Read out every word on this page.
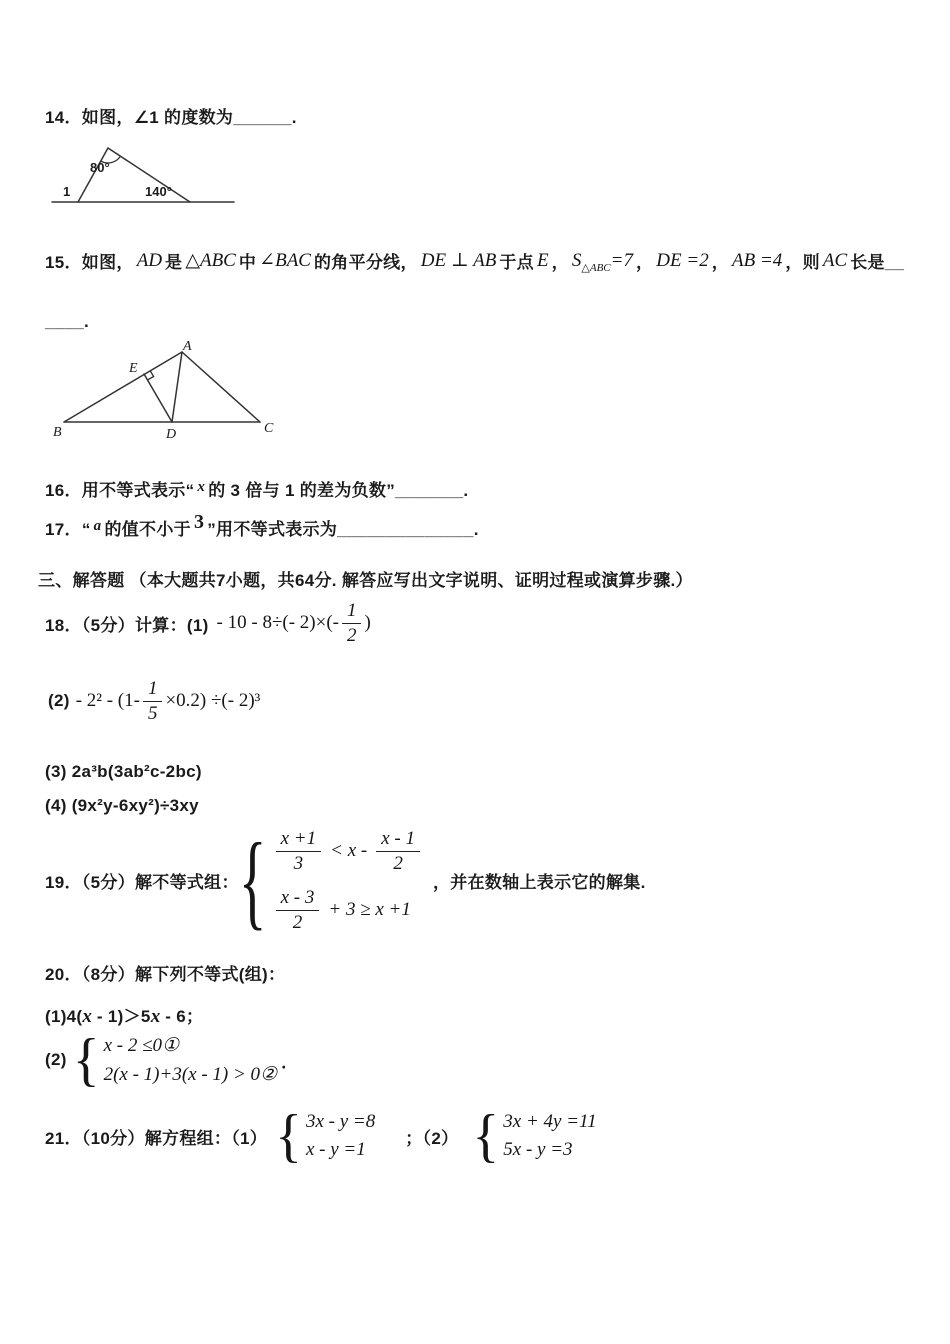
14．如图，∠1 的度数为______.

80°
140°
1

15．如图， AD 是 △ABC 中 ∠BAC 的角平分线， DE ⊥ AB 于点 E ， $S_{\triangle ABC}=7$ ， DE =2 ， AB =4 ，则 AC 长是__

____.

A
E
B	D	C

16．用不等式表示“ x 的 3 倍与 1 的差为负数”_______.

17．“ a 的值不小于 3 ”用不等式表示为______________.

三、解答题 （本大题共7小题，共64分. 解答应写出文字说明、证明过程或演算步骤.）

18．（5分）计算：(1) - 10 - 8÷(- $2)\times(- \frac{1}{2}$ )
$(2) - 2^2 - (1- \frac{1}{5} \times 0.2)$ ÷(- 2)³

(3) 2a³b(3ab²c-2bc)

(4) (9x²y-6xy²)÷3xy

19．（5分）解不等式组： { $\frac{x +1}{3} < x - \frac{x - 1}{2}$
$\frac{x - 3}{2} + 3 \ge x +1$
，并在数轴上表示它的解集.

20．（8分）解下列不等式(组)：

(1)4(x - 1)＞5x - 6；

(2) { x - 2 ≤0①
2(x - 1)+3(x - 1) > 0②
．
21．（10分）解方程组：（1） { 3x - y =8
x - y =1
；（2） { 3x + 4y =11
5x - y =3
